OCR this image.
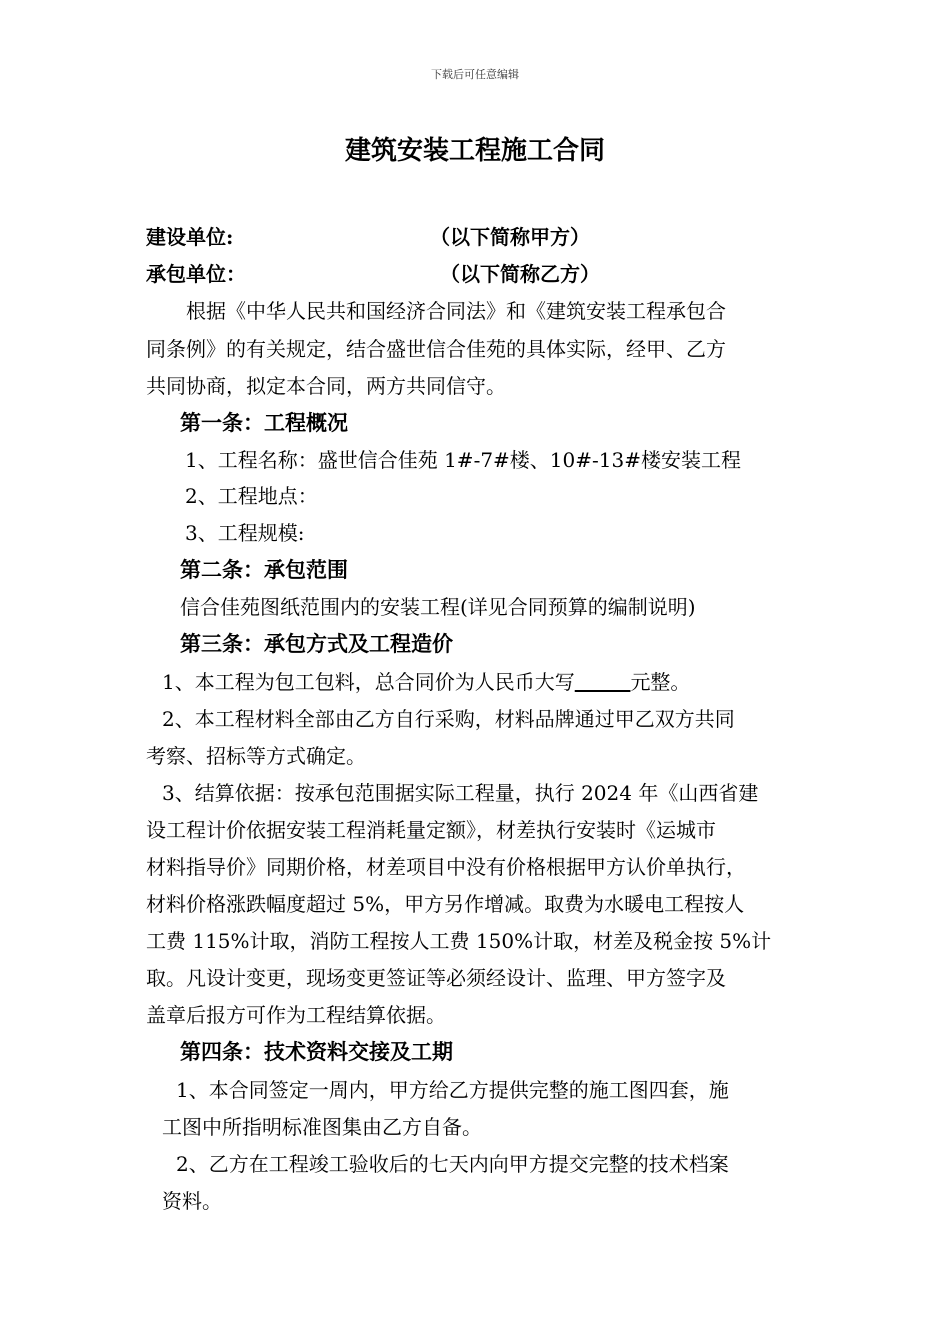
下载后可任意编辑
建筑安装工程施工合同
建设单位:	（以下简称甲方）
承包单位：	（以下简称乙方）
根据《中华人民共和国经济合同法》和《建筑安装工程承包合
同条例》的有关规定，结合盛世信合佳苑的具体实际，经甲、乙方
共同协商，拟定本合同，两方共同信守。
第一条：工程概况
1、工程名称：盛世信合佳苑 1#-7#楼、10#-13#楼安装工程
2、工程地点：
3、工程规模:
第二条：承包范围
信合佳苑图纸范围内的安装工程(详见合同预算的编制说明)
第三条：承包方式及工程造价
1、本工程为包工包料，总合同价为人民币大写	元整。
2、本工程材料全部由乙方自行采购，材料品牌通过甲乙双方共同
考察、招标等方式确定。
3、结算依据：按承包范围据实际工程量，执行 2024 年《山西省建
设工程计价依据安装工程消耗量定额》，材差执行安装时《运城市
材料指导价》同期价格，材差项目中没有价格根据甲方认价单执行，
材料价格涨跌幅度超过 5%，甲方另作增减。取费为水暖电工程按人
工费 115%计取，消防工程按人工费 150%计取，材差及税金按 5%计
取。凡设计变更，现场变更签证等必须经设计、监理、甲方签字及
盖章后报方可作为工程结算依据。
第四条：技术资料交接及工期
1、本合同签定一周内，甲方给乙方提供完整的施工图四套，施
工图中所指明标准图集由乙方自备。
2、乙方在工程竣工验收后的七天内向甲方提交完整的技术档案
资料。
